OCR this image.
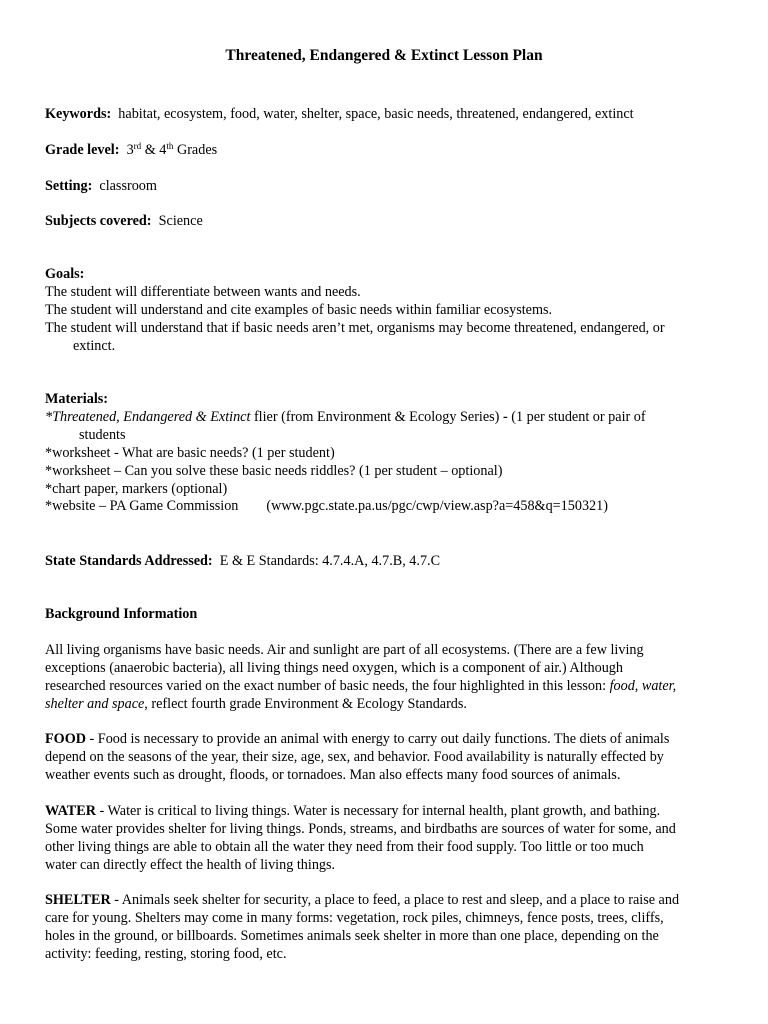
Threatened, Endangered & Extinct Lesson Plan
Keywords: habitat, ecosystem, food, water, shelter, space, basic needs, threatened, endangered, extinct
Grade level: 3rd & 4th Grades
Setting: classroom
Subjects covered: Science
Goals:
The student will differentiate between wants and needs.
The student will understand and cite examples of basic needs within familiar ecosystems.
The student will understand that if basic needs aren’t met, organisms may become threatened, endangered, or
extinct.
Materials:
*Threatened, Endangered & Extinct flier (from Environment & Ecology Series) - (1 per student or pair of
students
*worksheet - What are basic needs? (1 per student)
*worksheet – Can you solve these basic needs riddles? (1 per student – optional)
*chart paper, markers (optional)
*website – PA Game Commission (www.pgc.state.pa.us/pgc/cwp/view.asp?a=458&q=150321)
State Standards Addressed: E & E Standards: 4.7.4.A, 4.7.B, 4.7.C
Background Information
All living organisms have basic needs. Air and sunlight are part of all ecosystems. (There are a few living
exceptions (anaerobic bacteria), all living things need oxygen, which is a component of air.) Although
researched resources varied on the exact number of basic needs, the four highlighted in this lesson: food, water,
shelter and space, reflect fourth grade Environment & Ecology Standards.
FOOD - Food is necessary to provide an animal with energy to carry out daily functions. The diets of animals
depend on the seasons of the year, their size, age, sex, and behavior. Food availability is naturally effected by
weather events such as drought, floods, or tornadoes. Man also effects many food sources of animals.
WATER - Water is critical to living things. Water is necessary for internal health, plant growth, and bathing.
Some water provides shelter for living things. Ponds, streams, and birdbaths are sources of water for some, and
other living things are able to obtain all the water they need from their food supply. Too little or too much
water can directly effect the health of living things.
SHELTER - Animals seek shelter for security, a place to feed, a place to rest and sleep, and a place to raise and
care for young. Shelters may come in many forms: vegetation, rock piles, chimneys, fence posts, trees, cliffs,
holes in the ground, or billboards. Sometimes animals seek shelter in more than one place, depending on the
activity: feeding, resting, storing food, etc.
